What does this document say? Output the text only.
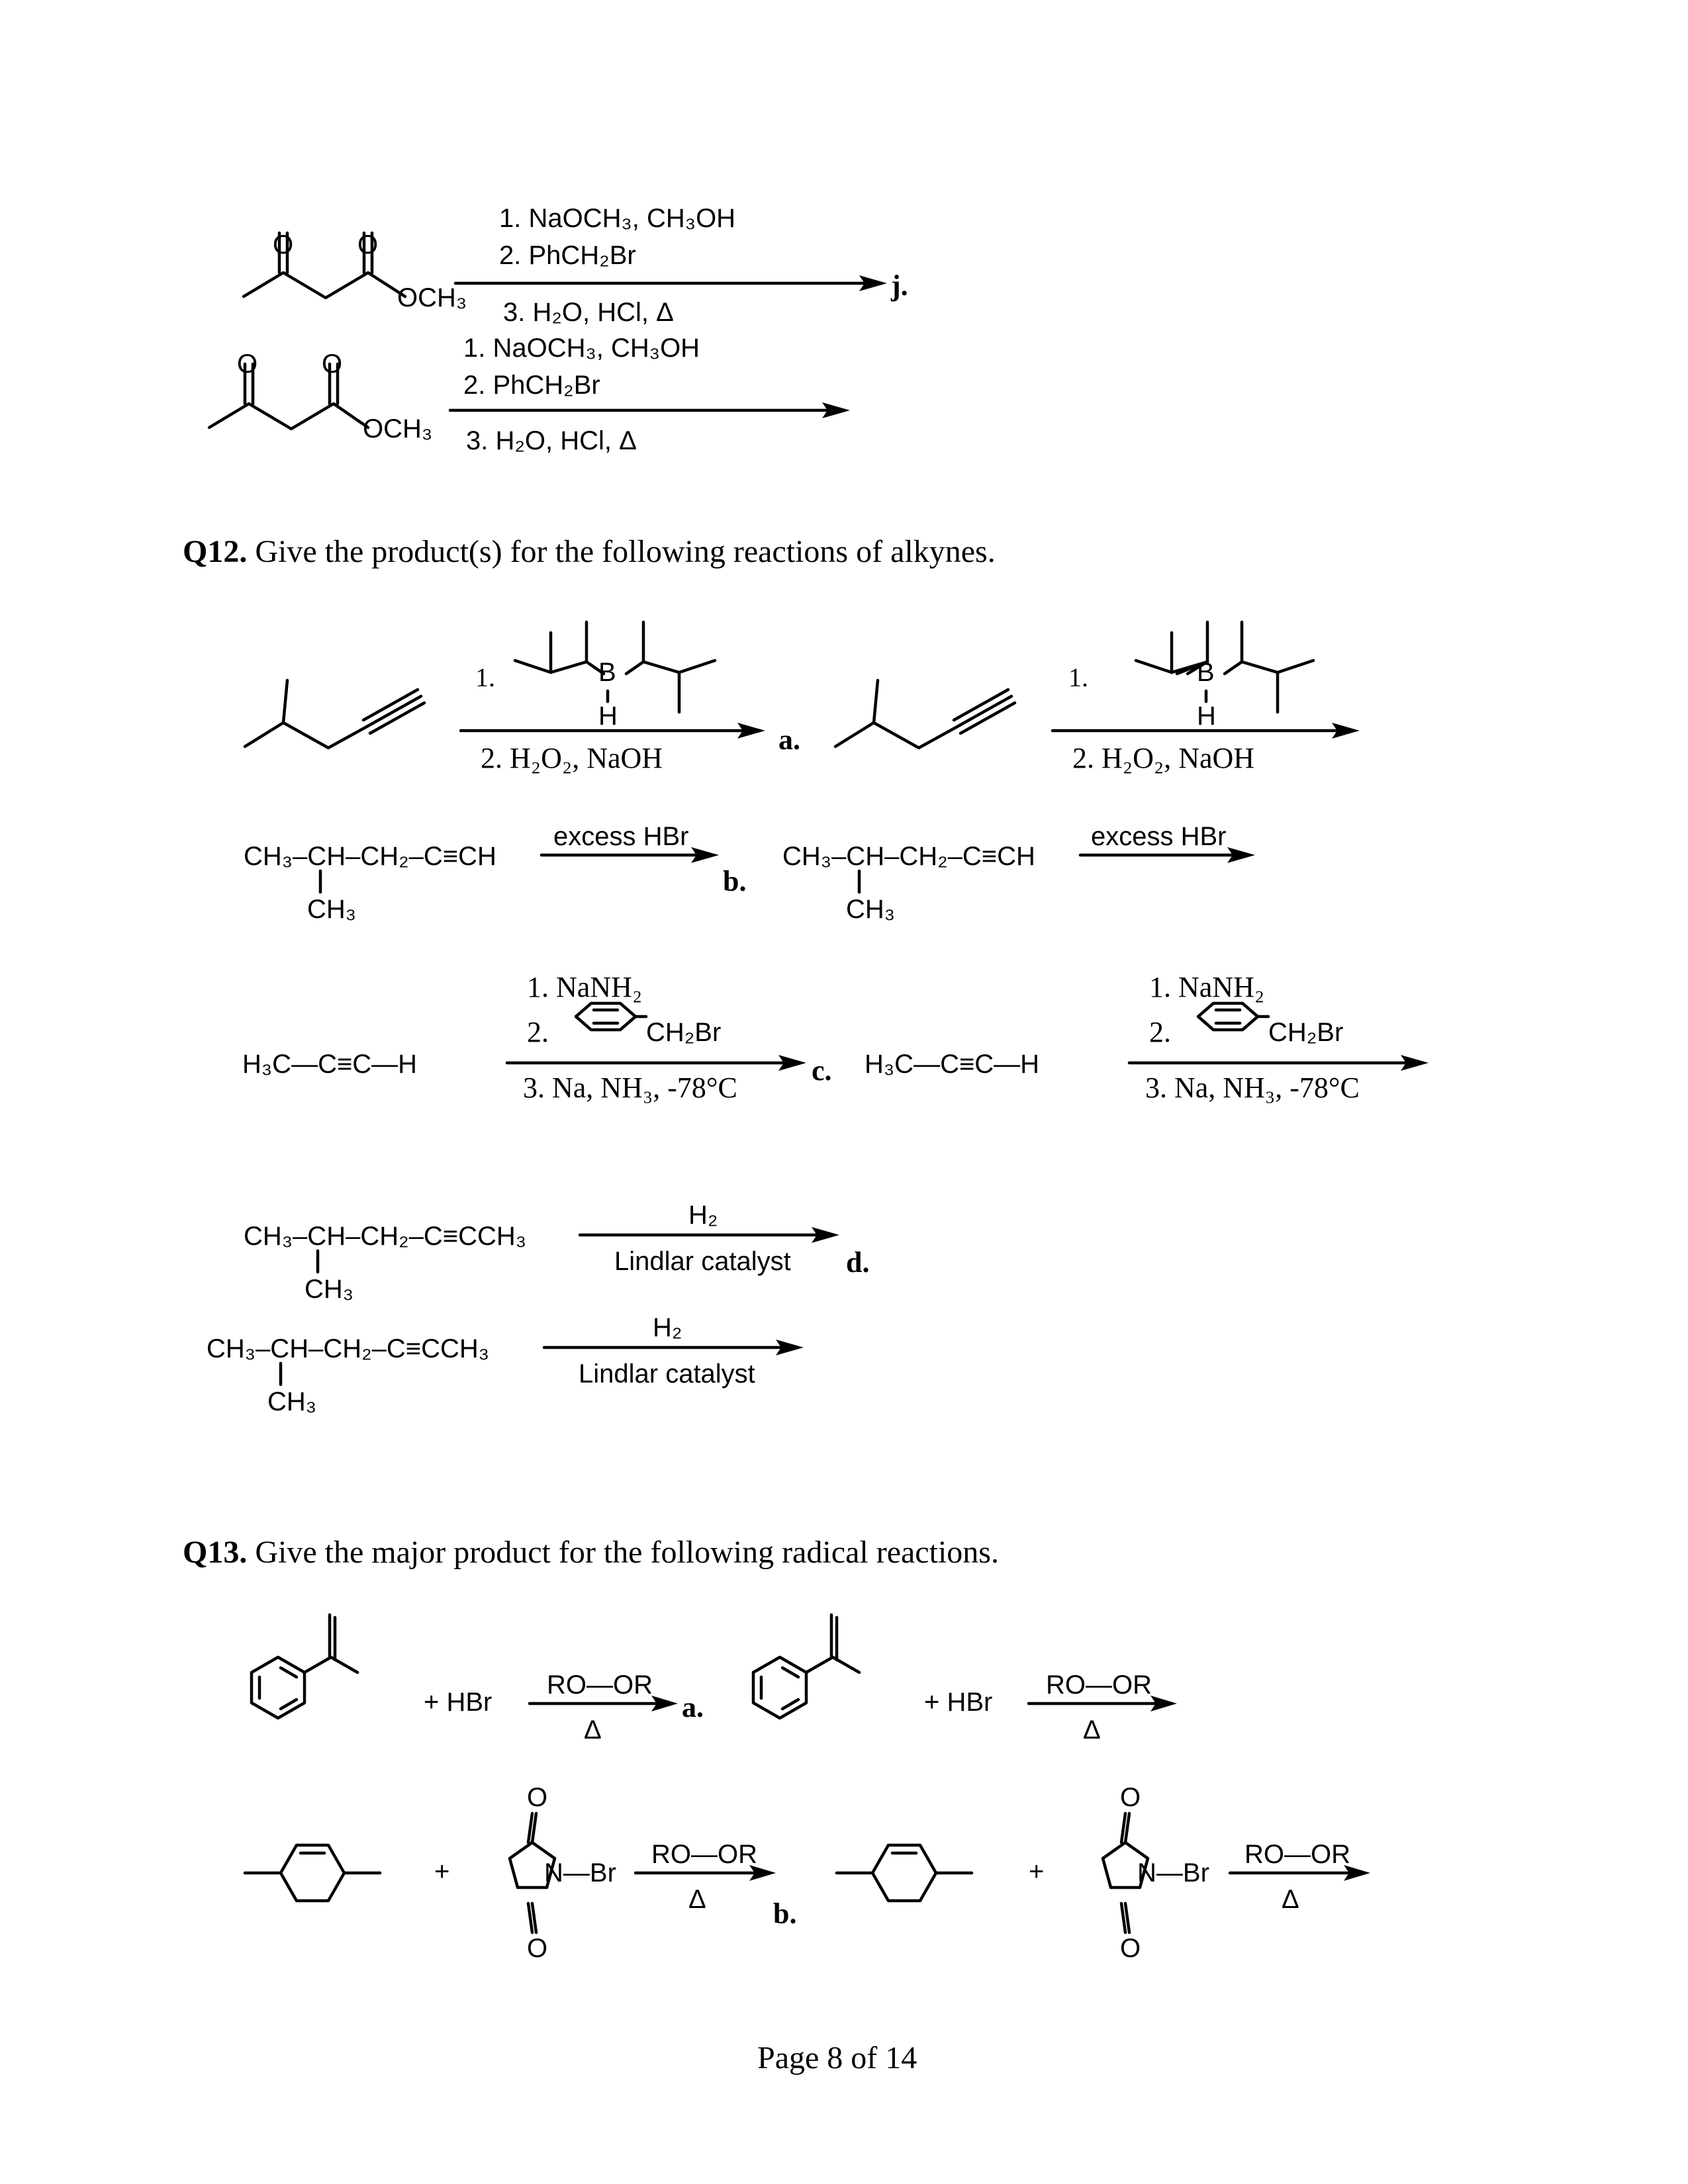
O O
OCH₃
1. NaOCH₃, CH₃OH
2. PhCH₂Br
3. H₂O, HCl, Δ
j.
O O
OCH₃
1. NaOCH₃, CH₃OH
2. PhCH₂Br
3. H₂O, HCl, Δ
Q12. Give the product(s) for the following reactions of alkynes.
1.	B
H
2. H₂O₂, NaOH
a.
1.	B
H
2. H₂O₂, NaOH
CH₃–CH–CH₂–C≡CH
CH₃
excess HBr
b.
CH₃–CH–CH₂–C≡CH
CH₃
excess HBr
H₃C—C≡C—H
1. NaNH₂
2.	CH₂Br
3. Na, NH₃, -78°C
c. H₃C—C≡C—H
1. NaNH₂
2.	CH₂Br
3. Na, NH₃, -78°C
CH₃–CH–CH₂–C≡CCH₃
CH₃
H₂
Lindlar catalyst d.
CH₃–CH–CH₂–C≡CCH₃
CH₃
H₂
Lindlar catalyst
Q13. Give the major product for the following radical reactions.
+ HBr
RO—OR
Δ
a.	+ HBr
RO—OR
Δ
+
O
N—Br
O
RO—OR
Δ b.
+
O
N—Br
O
RO—OR
Δ
Page 8 of 14
